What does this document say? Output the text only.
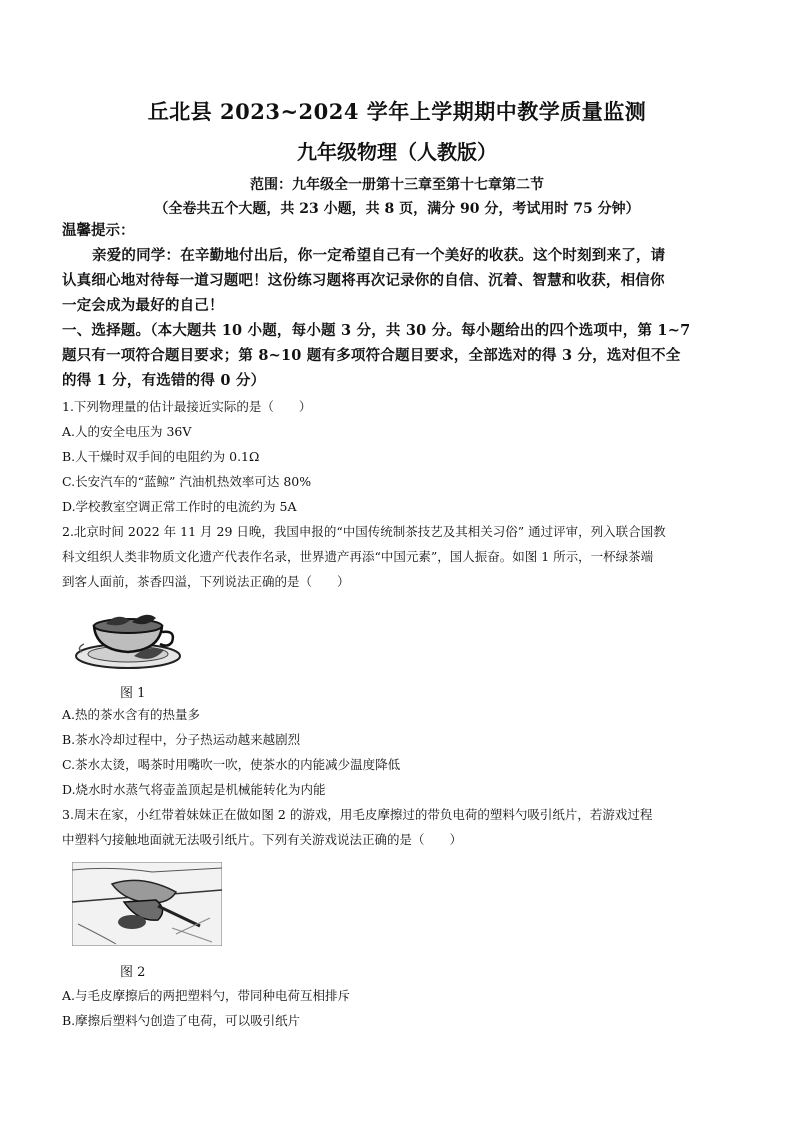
丘北县 2023~2024 学年上学期期中教学质量监测
九年级物理（人教版）
范围：九年级全一册第十三章至第十七章第二节
（全卷共五个大题，共 23 小题，共 8 页，满分 90 分，考试用时 75 分钟）
温馨提示：
亲爱的同学：在辛勤地付出后，你一定希望自己有一个美好的收获。这个时刻到来了，请
认真细心地对待每一道习题吧！这份练习题将再次记录你的自信、沉着、智慧和收获，相信你
一定会成为最好的自己！
一、选择题。（本大题共 10 小题，每小题 3 分，共 30 分。每小题给出的四个选项中，第 1~7
题只有一项符合题目要求；第 8~10 题有多项符合题目要求，全部选对的得 3 分，选对但不全
的得 1 分，有选错的得 0 分）
1.下列物理量的估计最接近实际的是（　　）
A.人的安全电压为 36V
B.人干燥时双手间的电阻约为 0.1Ω
C.长安汽车的“蓝鲸” 汽油机热效率可达 80%
D.学校教室空调正常工作时的电流约为 5A
2.北京时间 2022 年 11 月 29 日晚，我国申报的“中国传统制茶技艺及其相关习俗” 通过评审，列入联合国教
科文组织人类非物质文化遗产代表作名录，世界遗产再添“中国元素”，国人振奋。如图 1 所示，一杯绿茶端
到客人面前，茶香四溢，下列说法正确的是（　　）
图 1
A.热的茶水含有的热量多
B.茶水冷却过程中，分子热运动越来越剧烈
C.茶水太烫，喝茶时用嘴吹一吹，使茶水的内能减少温度降低
D.烧水时水蒸气将壶盖顶起是机械能转化为内能
3.周末在家，小红带着妹妹正在做如图 2 的游戏，用毛皮摩擦过的带负电荷的塑料勺吸引纸片，若游戏过程
中塑料勺接触地面就无法吸引纸片。下列有关游戏说法正确的是（　　）
图 2
A.与毛皮摩擦后的两把塑料勺，带同种电荷互相排斥
B.摩擦后塑料勺创造了电荷，可以吸引纸片
